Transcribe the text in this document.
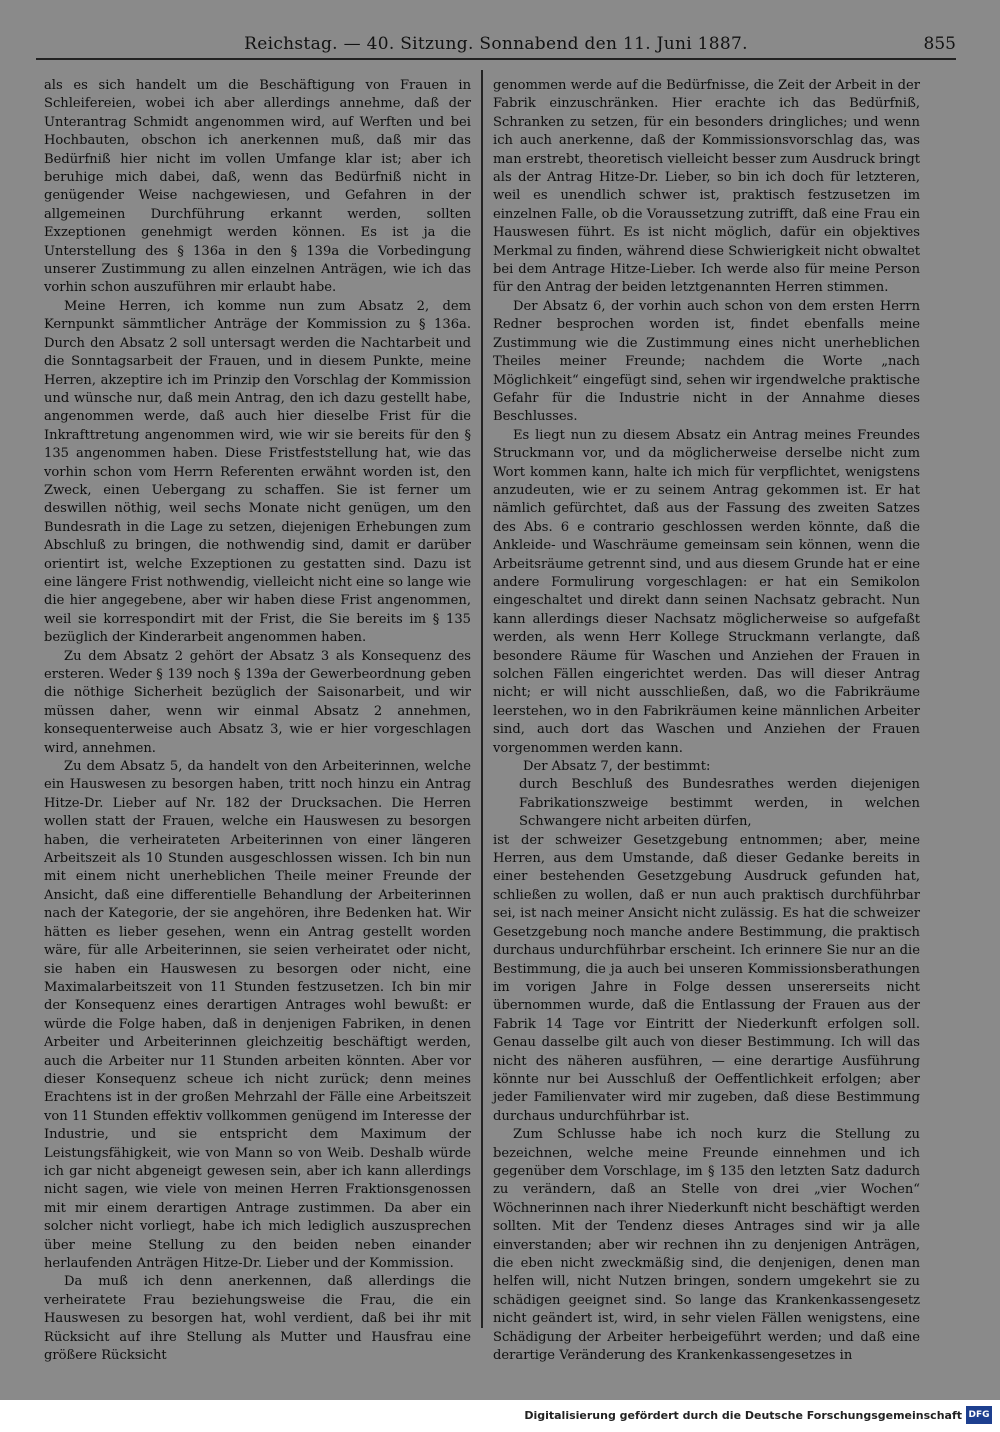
Reichstag. — 40. Sitzung. Sonnabend den 11. Juni 1887.	855

als es sich handelt um die Beschäftigung von Frauen in Schleifereien, wobei ich aber allerdings annehme, daß der Unterantrag Schmidt angenommen wird, auf Werften und bei Hochbauten, obschon ich anerkennen muß, daß mir das Bedürfniß hier nicht im vollen Umfange klar ist; aber ich beruhige mich dabei, daß, wenn das Bedürfniß nicht in genügender Weise nachgewiesen, und Gefahren in der allgemeinen Durchführung erkannt werden, sollten Exzeptionen genehmigt werden können. Es ist ja die Unterstellung des § 136a in den § 139a die Vorbedingung unserer Zustimmung zu allen einzelnen Anträgen, wie ich das vorhin schon auszuführen mir erlaubt habe.

Meine Herren, ich komme nun zum Absatz 2, dem Kernpunkt sämmtlicher Anträge der Kommission zu § 136a. Durch den Absatz 2 soll untersagt werden die Nachtarbeit und die Sonntagsarbeit der Frauen, und in diesem Punkte, meine Herren, akzeptire ich im Prinzip den Vorschlag der Kommission und wünsche nur, daß mein Antrag, den ich dazu gestellt habe, angenommen werde, daß auch hier dieselbe Frist für die Inkrafttretung angenommen wird, wie wir sie bereits für den § 135 angenommen haben. Diese Fristfeststellung hat, wie das vorhin schon vom Herrn Referenten erwähnt worden ist, den Zweck, einen Uebergang zu schaffen. Sie ist ferner um deswillen nöthig, weil sechs Monate nicht genügen, um den Bundesrath in die Lage zu setzen, diejenigen Erhebungen zum Abschluß zu bringen, die nothwendig sind, damit er darüber orientirt ist, welche Exzeptionen zu gestatten sind. Dazu ist eine längere Frist nothwendig, vielleicht nicht eine so lange wie die hier angegebene, aber wir haben diese Frist angenommen, weil sie korrespondirt mit der Frist, die Sie bereits im § 135 bezüglich der Kinderarbeit angenommen haben.

Zu dem Absatz 2 gehört der Absatz 3 als Konsequenz des ersteren. Weder § 139 noch § 139a der Gewerbeordnung geben die nöthige Sicherheit bezüglich der Saisonarbeit, und wir müssen daher, wenn wir einmal Absatz 2 annehmen, konsequenterweise auch Absatz 3, wie er hier vorgeschlagen wird, annehmen.

Zu dem Absatz 5, da handelt von den Arbeiterinnen, welche ein Hauswesen zu besorgen haben, tritt noch hinzu ein Antrag Hitze-Dr. Lieber auf Nr. 182 der Drucksachen. Die Herren wollen statt der Frauen, welche ein Hauswesen zu besorgen haben, die verheirateten Arbeiterinnen von einer längeren Arbeitszeit als 10 Stunden ausgeschlossen wissen. Ich bin nun mit einem nicht unerheblichen Theile meiner Freunde der Ansicht, daß eine differentielle Behandlung der Arbeiterinnen nach der Kategorie, der sie angehören, ihre Bedenken hat. Wir hätten es lieber gesehen, wenn ein Antrag gestellt worden wäre, für alle Arbeiterinnen, sie seien verheiratet oder nicht, sie haben ein Hauswesen zu besorgen oder nicht, eine Maximalarbeitszeit von 11 Stunden festzusetzen. Ich bin mir der Konsequenz eines derartigen Antrages wohl bewußt: er würde die Folge haben, daß in denjenigen Fabriken, in denen Arbeiter und Arbeiterinnen gleichzeitig beschäftigt werden, auch die Arbeiter nur 11 Stunden arbeiten könnten. Aber vor dieser Konsequenz scheue ich nicht zurück; denn meines Erachtens ist in der großen Mehrzahl der Fälle eine Arbeitszeit von 11 Stunden effektiv vollkommen genügend im Interesse der Industrie, und sie entspricht dem Maximum der Leistungsfähigkeit, wie von Mann so von Weib. Deshalb würde ich gar nicht abgeneigt gewesen sein, aber ich kann allerdings nicht sagen, wie viele von meinen Herren Fraktionsgenossen mit mir einem derartigen Antrage zustimmen. Da aber ein solcher nicht vorliegt, habe ich mich lediglich auszusprechen über meine Stellung zu den beiden neben einander herlaufenden Anträgen Hitze-Dr. Lieber und der Kommission.

Da muß ich denn anerkennen, daß allerdings die verheiratete Frau beziehungsweise die Frau, die ein Hauswesen zu besorgen hat, wohl verdient, daß bei ihr mit Rücksicht auf ihre Stellung als Mutter und Hausfrau eine größere Rücksicht

genommen werde auf die Bedürfnisse, die Zeit der Arbeit in der Fabrik einzuschränken. Hier erachte ich das Bedürfniß, Schranken zu setzen, für ein besonders dringliches; und wenn ich auch anerkenne, daß der Kommissionsvorschlag das, was man erstrebt, theoretisch vielleicht besser zum Ausdruck bringt als der Antrag Hitze-Dr. Lieber, so bin ich doch für letzteren, weil es unendlich schwer ist, praktisch festzusetzen im einzelnen Falle, ob die Voraussetzung zutrifft, daß eine Frau ein Hauswesen führt. Es ist nicht möglich, dafür ein objektives Merkmal zu finden, während diese Schwierigkeit nicht obwaltet bei dem Antrage Hitze-Lieber. Ich werde also für meine Person für den Antrag der beiden letztgenannten Herren stimmen.

Der Absatz 6, der vorhin auch schon von dem ersten Herrn Redner besprochen worden ist, findet ebenfalls meine Zustimmung wie die Zustimmung eines nicht unerheblichen Theiles meiner Freunde; nachdem die Worte „nach Möglichkeit“ eingefügt sind, sehen wir irgendwelche praktische Gefahr für die Industrie nicht in der Annahme dieses Beschlusses.

Es liegt nun zu diesem Absatz ein Antrag meines Freundes Struckmann vor, und da möglicherweise derselbe nicht zum Wort kommen kann, halte ich mich für verpflichtet, wenigstens anzudeuten, wie er zu seinem Antrag gekommen ist. Er hat nämlich gefürchtet, daß aus der Fassung des zweiten Satzes des Abs. 6 e contrario geschlossen werden könnte, daß die Ankleide- und Waschräume gemeinsam sein können, wenn die Arbeitsräume getrennt sind, und aus diesem Grunde hat er eine andere Formulirung vorgeschlagen: er hat ein Semikolon eingeschaltet und direkt dann seinen Nachsatz gebracht. Nun kann allerdings dieser Nachsatz möglicherweise so aufgefaßt werden, als wenn Herr Kollege Struckmann verlangte, daß besondere Räume für Waschen und Anziehen der Frauen in solchen Fällen eingerichtet werden. Das will dieser Antrag nicht; er will nicht ausschließen, daß, wo die Fabrikräume leerstehen, wo in den Fabrikräumen keine männlichen Arbeiter sind, auch dort das Waschen und Anziehen der Frauen vorgenommen werden kann.

Der Absatz 7, der bestimmt:

durch Beschluß des Bundesrathes werden diejenigen Fabrikationszweige bestimmt werden, in welchen Schwangere nicht arbeiten dürfen,

ist der schweizer Gesetzgebung entnommen; aber, meine Herren, aus dem Umstande, daß dieser Gedanke bereits in einer bestehenden Gesetzgebung Ausdruck gefunden hat, schließen zu wollen, daß er nun auch praktisch durchführbar sei, ist nach meiner Ansicht nicht zulässig. Es hat die schweizer Gesetzgebung noch manche andere Bestimmung, die praktisch durchaus undurchführbar erscheint. Ich erinnere Sie nur an die Bestimmung, die ja auch bei unseren Kommissionsberathungen im vorigen Jahre in Folge dessen unsererseits nicht übernommen wurde, daß die Entlassung der Frauen aus der Fabrik 14 Tage vor Eintritt der Niederkunft erfolgen soll. Genau dasselbe gilt auch von dieser Bestimmung. Ich will das nicht des näheren ausführen, — eine derartige Ausführung könnte nur bei Ausschluß der Oeffentlichkeit erfolgen; aber jeder Familienvater wird mir zugeben, daß diese Bestimmung durchaus undurchführbar ist.

Zum Schlusse habe ich noch kurz die Stellung zu bezeichnen, welche meine Freunde einnehmen und ich gegenüber dem Vorschlage, im § 135 den letzten Satz dadurch zu verändern, daß an Stelle von drei „vier Wochen“ Wöchnerinnen nach ihrer Niederkunft nicht beschäftigt werden sollten. Mit der Tendenz dieses Antrages sind wir ja alle einverstanden; aber wir rechnen ihn zu denjenigen Anträgen, die eben nicht zweckmäßig sind, die denjenigen, denen man helfen will, nicht Nutzen bringen, sondern umgekehrt sie zu schädigen geeignet sind. So lange das Krankenkassengesetz nicht geändert ist, wird, in sehr vielen Fällen wenigstens, eine Schädigung der Arbeiter herbeigeführt werden; und daß eine derartige Veränderung des Krankenkassengesetzes in

Digitalisierung gefördert durch die Deutsche Forschungsgemeinschaft DFG
